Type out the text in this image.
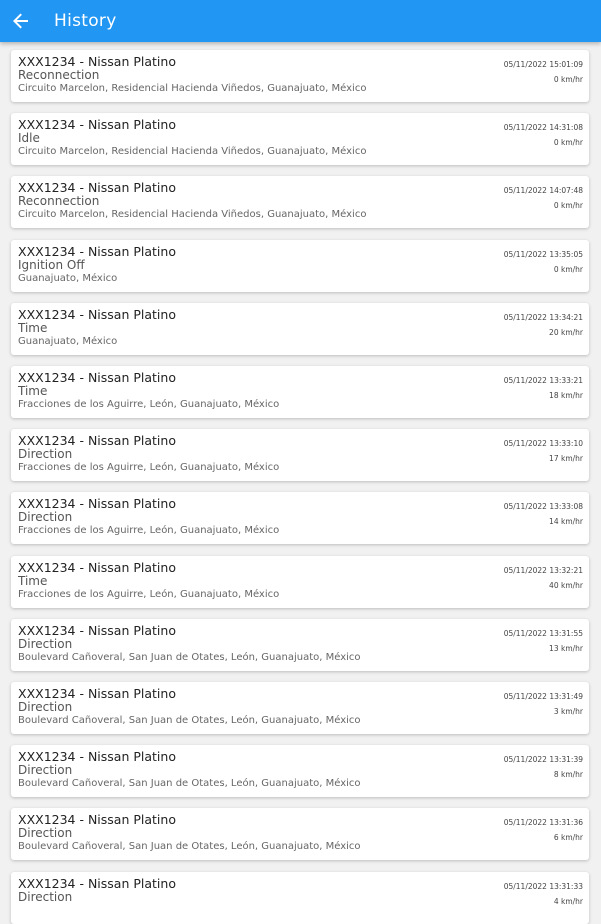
History
XXX1234 - Nissan Platino
Reconnection
Circuito Marcelon, Residencial Hacienda Viñedos, Guanajuato, México
05/11/2022 15:01:09
0 km/hr
XXX1234 - Nissan Platino
Idle
Circuito Marcelon, Residencial Hacienda Viñedos, Guanajuato, México
05/11/2022 14:31:08
0 km/hr
XXX1234 - Nissan Platino
Reconnection
Circuito Marcelon, Residencial Hacienda Viñedos, Guanajuato, México
05/11/2022 14:07:48
0 km/hr
XXX1234 - Nissan Platino
Ignition Off
Guanajuato, México
05/11/2022 13:35:05
0 km/hr
XXX1234 - Nissan Platino
Time
Guanajuato, México
05/11/2022 13:34:21
20 km/hr
XXX1234 - Nissan Platino
Time
Fracciones de los Aguirre, León, Guanajuato, México
05/11/2022 13:33:21
18 km/hr
XXX1234 - Nissan Platino
Direction
Fracciones de los Aguirre, León, Guanajuato, México
05/11/2022 13:33:10
17 km/hr
XXX1234 - Nissan Platino
Direction
Fracciones de los Aguirre, León, Guanajuato, México
05/11/2022 13:33:08
14 km/hr
XXX1234 - Nissan Platino
Time
Fracciones de los Aguirre, León, Guanajuato, México
05/11/2022 13:32:21
40 km/hr
XXX1234 - Nissan Platino
Direction
Boulevard Cañoveral, San Juan de Otates, León, Guanajuato, México
05/11/2022 13:31:55
13 km/hr
XXX1234 - Nissan Platino
Direction
Boulevard Cañoveral, San Juan de Otates, León, Guanajuato, México
05/11/2022 13:31:49
3 km/hr
XXX1234 - Nissan Platino
Direction
Boulevard Cañoveral, San Juan de Otates, León, Guanajuato, México
05/11/2022 13:31:39
8 km/hr
XXX1234 - Nissan Platino
Direction
Boulevard Cañoveral, San Juan de Otates, León, Guanajuato, México
05/11/2022 13:31:36
6 km/hr
XXX1234 - Nissan Platino
Direction
05/11/2022 13:31:33
4 km/hr
